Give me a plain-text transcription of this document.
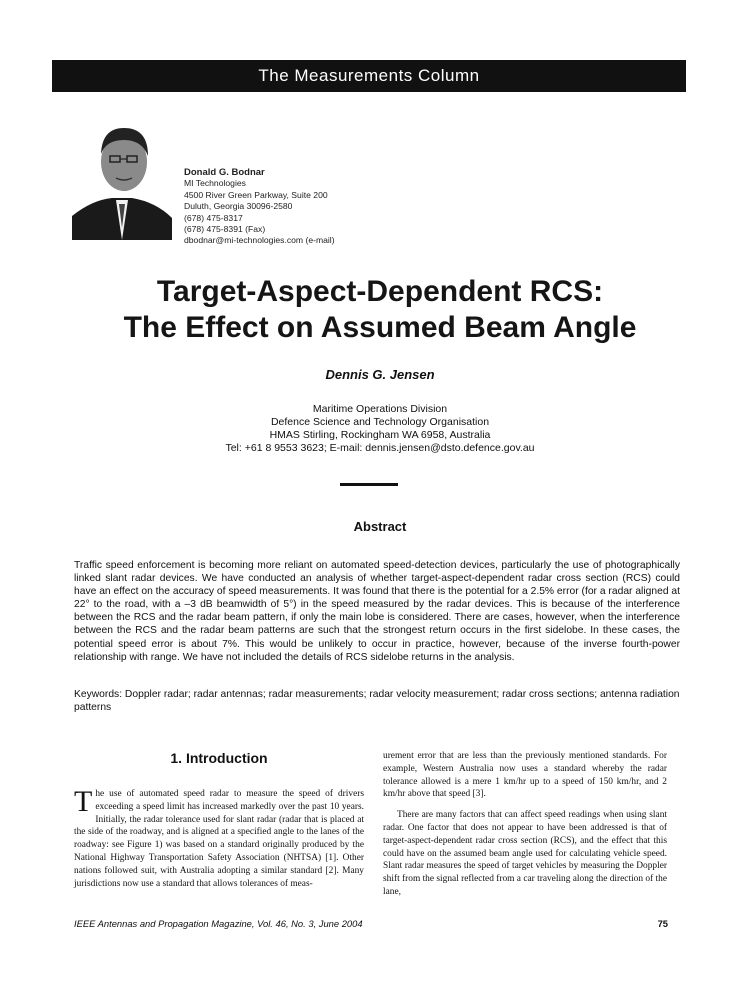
The Measurements Column
Donald G. Bodnar
MI Technologies
4500 River Green Parkway, Suite 200
Duluth, Georgia 30096-2580
(678) 475-8317
(678) 475-8391 (Fax)
dbodnar@mi-technologies.com (e-mail)
Target-Aspect-Dependent RCS:
The Effect on Assumed Beam Angle
Dennis G. Jensen
Maritime Operations Division
Defence Science and Technology Organisation
HMAS Stirling, Rockingham WA 6958, Australia
Tel: +61 8 9553 3623; E-mail: dennis.jensen@dsto.defence.gov.au
Abstract
Traffic speed enforcement is becoming more reliant on automated speed-detection devices, particularly the use of photographically linked slant radar devices. We have conducted an analysis of whether target-aspect-dependent radar cross section (RCS) could have an effect on the accuracy of speed measurements. It was found that there is the potential for a 2.5% error (for a radar aligned at 22° to the road, with a –3 dB beamwidth of 5°) in the speed measured by the radar devices. This is because of the interference between the RCS and the radar beam pattern, if only the main lobe is considered. There are cases, however, when the interference between the RCS and the radar beam patterns are such that the strongest return occurs in the first sidelobe. In these cases, the potential speed error is about 7%. This would be unlikely to occur in practice, however, because of the inverse fourth-power relationship with range. We have not included the details of RCS sidelobe returns in the analysis.
Keywords: Doppler radar; radar antennas; radar measurements; radar velocity measurement; radar cross sections; antenna radiation patterns
1. Introduction
T he use of automated speed radar to measure the speed of drivers exceeding a speed limit has increased markedly over the past 10 years. Initially, the radar tolerance used for slant radar (radar that is placed at the side of the roadway, and is aligned at a specified angle to the lanes of the roadway: see Figure 1) was based on a standard originally produced by the National Highway Transportation Safety Association (NHTSA) [1]. Other nations followed suit, with Australia adopting a similar standard [2]. Many jurisdictions now use a standard that allows tolerances of meas-

urement error that are less than the previously mentioned standards. For example, Western Australia now uses a standard whereby the radar tolerance allowed is a mere 1 km/hr up to a speed of 150 km/hr, and 2 km/hr above that speed [3].

There are many factors that can affect speed readings when using slant radar. One factor that does not appear to have been addressed is that of target-aspect-dependent radar cross section (RCS), and the effect that this could have on the assumed beam angle used for calculating vehicle speed. Slant radar measures the speed of target vehicles by measuring the Doppler shift from the signal reflected from a car traveling along the direction of the lane,

IEEE Antennas and Propagation Magazine, Vol. 46, No. 3, June 2004	75
